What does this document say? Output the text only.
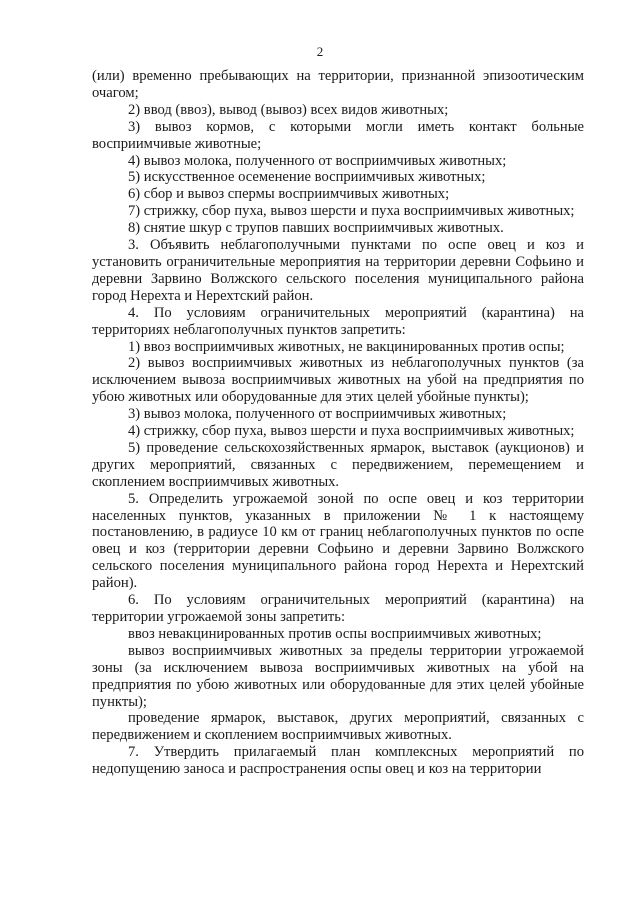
2

(или) временно пребывающих на территории, признанной эпизоотическим очагом;

2) ввод (ввоз), вывод (вывоз) всех видов животных;

3) вывоз кормов, с которыми могли иметь контакт больные восприимчивые животные;

4) вывоз молока, полученного от восприимчивых животных;

5) искусственное осеменение восприимчивых животных;

6) сбор и вывоз спермы восприимчивых животных;

7) стрижку, сбор пуха, вывоз шерсти и пуха восприимчивых животных;

8) снятие шкур с трупов павших восприимчивых животных.

3. Объявить неблагополучными пунктами по оспе овец и коз и установить ограничительные мероприятия на территории деревни Софьино и деревни Зарвино Волжского сельского поселения муниципального района город Нерехта и Нерехтский район.

4. По условиям ограничительных мероприятий (карантина) на территориях неблагополучных пунктов запретить:

1) ввоз восприимчивых животных, не вакцинированных против оспы;

2) вывоз восприимчивых животных из неблагополучных пунктов (за исключением вывоза восприимчивых животных на убой на предприятия по убою животных или оборудованные для этих целей убойные пункты);

3) вывоз молока, полученного от восприимчивых животных;

4) стрижку, сбор пуха, вывоз шерсти и пуха восприимчивых животных;

5) проведение сельскохозяйственных ярмарок, выставок (аукционов) и других мероприятий, связанных с передвижением, перемещением и скоплением восприимчивых животных.

5. Определить угрожаемой зоной по оспе овец и коз территории населенных пунктов, указанных в приложении № 1 к настоящему постановлению, в радиусе 10 км от границ неблагополучных пунктов по оспе овец и коз (территории деревни Софьино и деревни Зарвино Волжского сельского поселения муниципального района город Нерехта и Нерехтский район).

6. По условиям ограничительных мероприятий (карантина) на территории угрожаемой зоны запретить:

ввоз невакцинированных против оспы восприимчивых животных;

вывоз восприимчивых животных за пределы территории угрожаемой зоны (за исключением вывоза восприимчивых животных на убой на предприятия по убою животных или оборудованные для этих целей убойные пункты);

проведение ярмарок, выставок, других мероприятий, связанных с передвижением и скоплением восприимчивых животных.

7. Утвердить прилагаемый план комплексных мероприятий по недопущению заноса и распространения оспы овец и коз на территории
